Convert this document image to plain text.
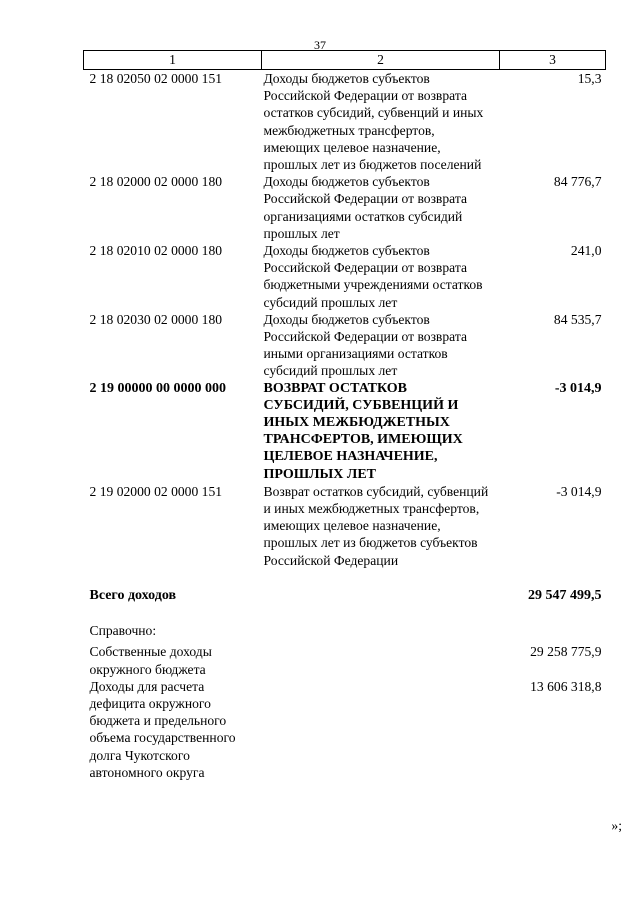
37
1	2	3
2 18 02050 02 0000 151	Доходы бюджетов субъектов Российской Федерации от возврата остатков субсидий, субвенций и иных межбюджетных трансфертов, имеющих целевое назначение, прошлых лет из бюджетов поселений	15,3
2 18 02000 02 0000 180	Доходы бюджетов субъектов Российской Федерации от возврата организациями остатков субсидий прошлых лет	84 776,7
2 18 02010 02 0000 180	Доходы бюджетов субъектов Российской Федерации от возврата бюджетными учреждениями остатков субсидий прошлых лет	241,0
2 18 02030 02 0000 180	Доходы бюджетов субъектов Российской Федерации от возврата иными организациями остатков субсидий прошлых лет	84 535,7
2 19 00000 00 0000 000	ВОЗВРАТ ОСТАТКОВ СУБСИДИЙ, СУБВЕНЦИЙ И ИНЫХ МЕЖБЮДЖЕТНЫХ ТРАНСФЕРТОВ, ИМЕЮЩИХ ЦЕЛЕВОЕ НАЗНАЧЕНИЕ, ПРОШЛЫХ ЛЕТ	-3 014,9
2 19 02000 02 0000 151	Возврат остатков субсидий, субвенций и иных межбюджетных трансфертов, имеющих целевое назначение, прошлых лет из бюджетов субъектов Российской Федерации	-3 014,9

Всего доходов		29 547 499,5

Справочно:		

Собственные доходы окружного бюджета		29 258 775,9
Доходы для расчета дефицита окружного бюджета и предельного объема государственного долга Чукотского автономного округа		13 606 318,8
»;
